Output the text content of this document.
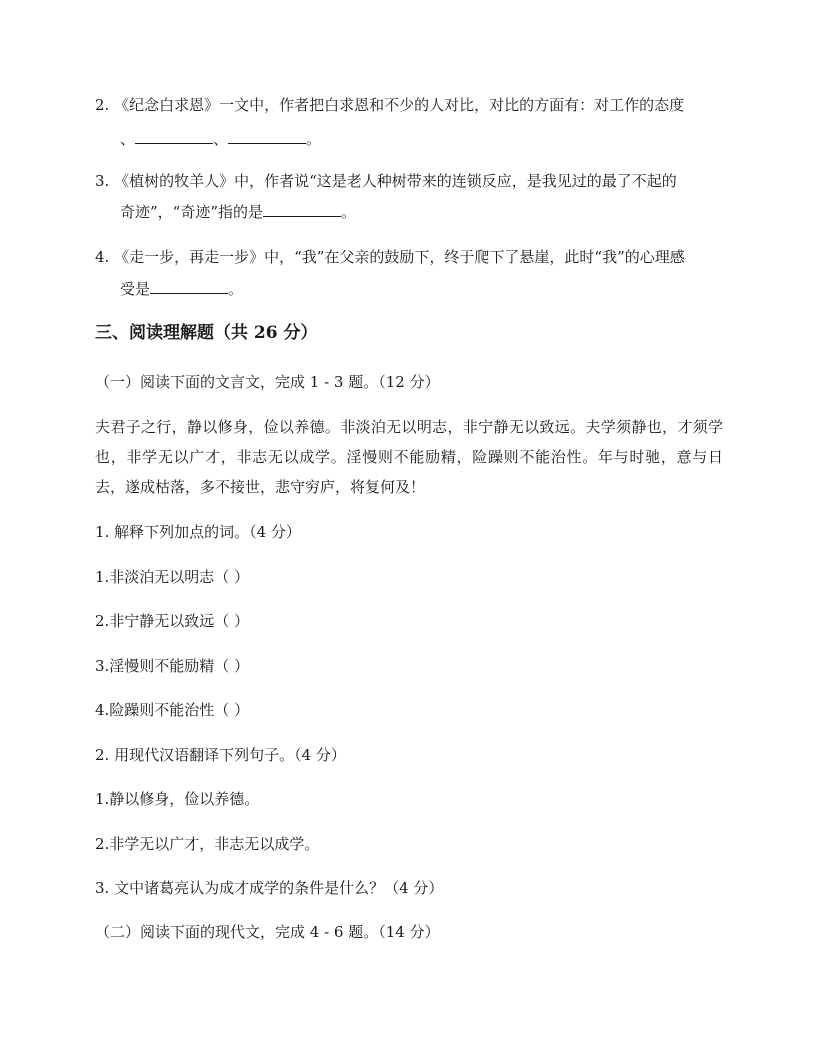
2. 《纪念白求恩》一文中，作者把白求恩和不少的人对比，对比的方面有：对工作的态度
、	、	。
3. 《植树的牧羊人》中，作者说“这是老人种树带来的连锁反应，是我见过的最了不起的
奇迹”，“奇迹”指的是	。
4. 《走一步，再走一步》中，“我”在父亲的鼓励下，终于爬下了悬崖，此时“我”的心理感
受是	。
三、阅读理解题（共 26 分）
（一）阅读下面的文言文，完成 1 - 3 题。（12 分）
夫君子之行，静以修身，俭以养德。非淡泊无以明志，非宁静无以致远。夫学须静也，才须学也，非学无以广才，非志无以成学。淫慢则不能励精，险躁则不能治性。年与时驰，意与日去，遂成枯落，多不接世，悲守穷庐，将复何及！
1. 解释下列加点的词。（4 分）
1.非淡泊无以明志（ ）
2.非宁静无以致远（ ）
3.淫慢则不能励精（ ）
4.险躁则不能治性（ ）
2. 用现代汉语翻译下列句子。（4 分）
1.静以修身，俭以养德。
2.非学无以广才，非志无以成学。
3. 文中诸葛亮认为成才成学的条件是什么？（4 分）
（二）阅读下面的现代文，完成 4 - 6 题。（14 分）
